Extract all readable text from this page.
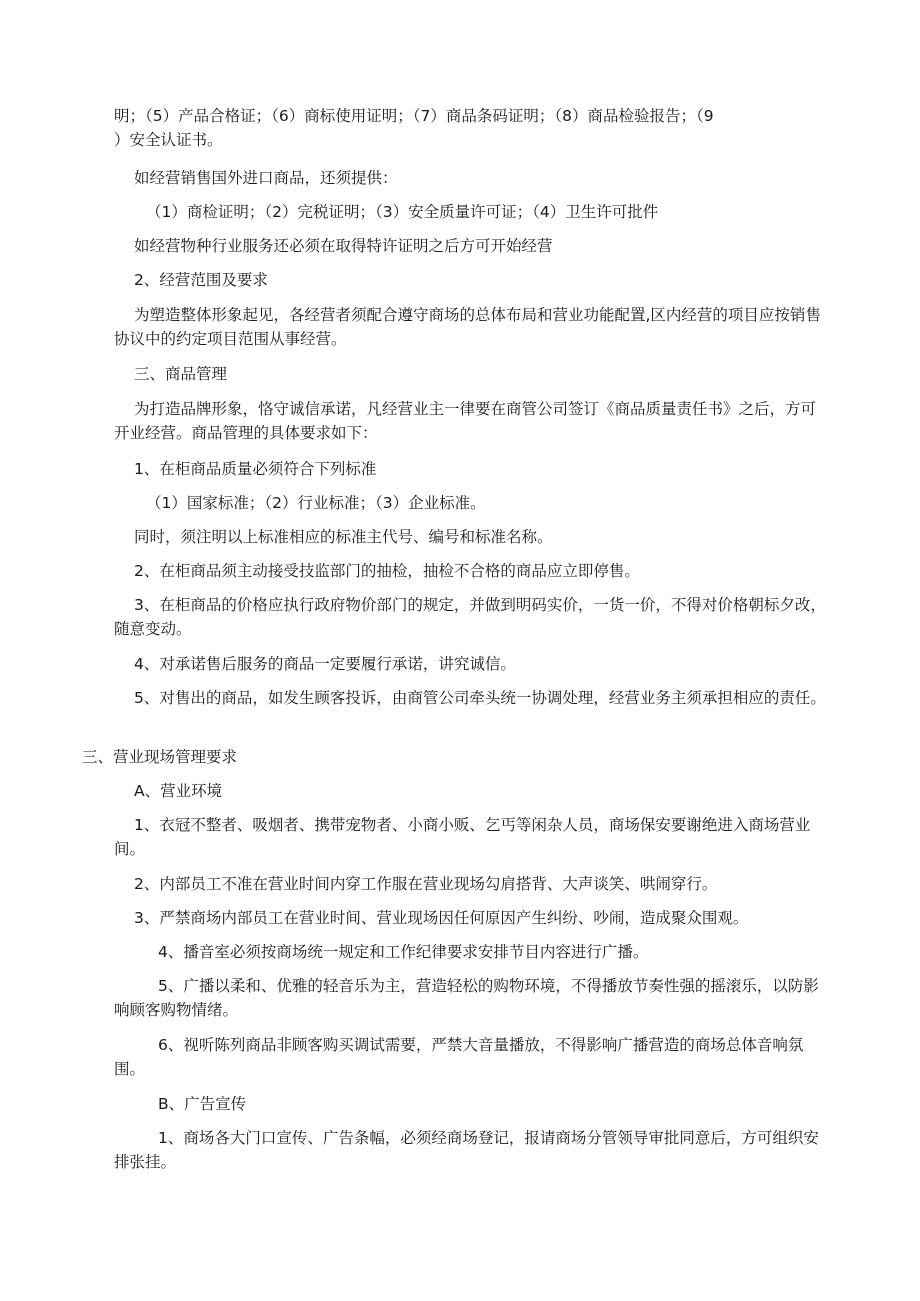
明；（5）产品合格证；（6）商标使用证明；（7）商品条码证明；（8）商品检验报告；（9

）安全认证书。

如经营销售国外进口商品，还须提供：

（1）商检证明；（2）完税证明；（3）安全质量许可证；（4）卫生许可批件

如经营物种行业服务还必须在取得特许证明之后方可开始经营

2、经营范围及要求

为塑造整体形象起见，各经营者须配合遵守商场的总体布局和营业功能配置,区内经营的项目应按销售协议中的约定项目范围从事经营。

三、商品管理

为打造品牌形象，恪守诚信承诺，凡经营业主一律要在商管公司签订《商品质量责任书》之后，方可开业经营。商品管理的具体要求如下：

1、在柜商品质量必须符合下列标准

（1）国家标准；（2）行业标准；（3）企业标准。

同时，须注明以上标准相应的标准主代号、编号和标准名称。

2、在柜商品须主动接受技监部门的抽检，抽检不合格的商品应立即停售。

3、在柜商品的价格应执行政府物价部门的规定，并做到明码实价，一货一价，不得对价格朝标夕改，随意变动。

4、对承诺售后服务的商品一定要履行承诺，讲究诚信。

5、对售出的商品，如发生顾客投诉，由商管公司牵头统一协调处理，经营业务主须承担相应的责任。

三、营业现场管理要求

A、营业环境

1、衣冠不整者、吸烟者、携带宠物者、小商小贩、乞丐等闲杂人员，商场保安要谢绝进入商场营业间。

2、内部员工不准在营业时间内穿工作服在营业现场勾肩搭背、大声谈笑、哄闹穿行。

3、严禁商场内部员工在营业时间、营业现场因任何原因产生纠纷、吵闹，造成聚众围观。

4、播音室必须按商场统一规定和工作纪律要求安排节目内容进行广播。

5、广播以柔和、优雅的轻音乐为主，营造轻松的购物环境，不得播放节奏性强的摇滚乐，以防影响顾客购物情绪。

6、视听陈列商品非顾客购买调试需要，严禁大音量播放，不得影响广播营造的商场总体音响氛围。

B、广告宣传

1、商场各大门口宣传、广告条幅，必须经商场登记，报请商场分管领导审批同意后，方可组织安排张挂。
